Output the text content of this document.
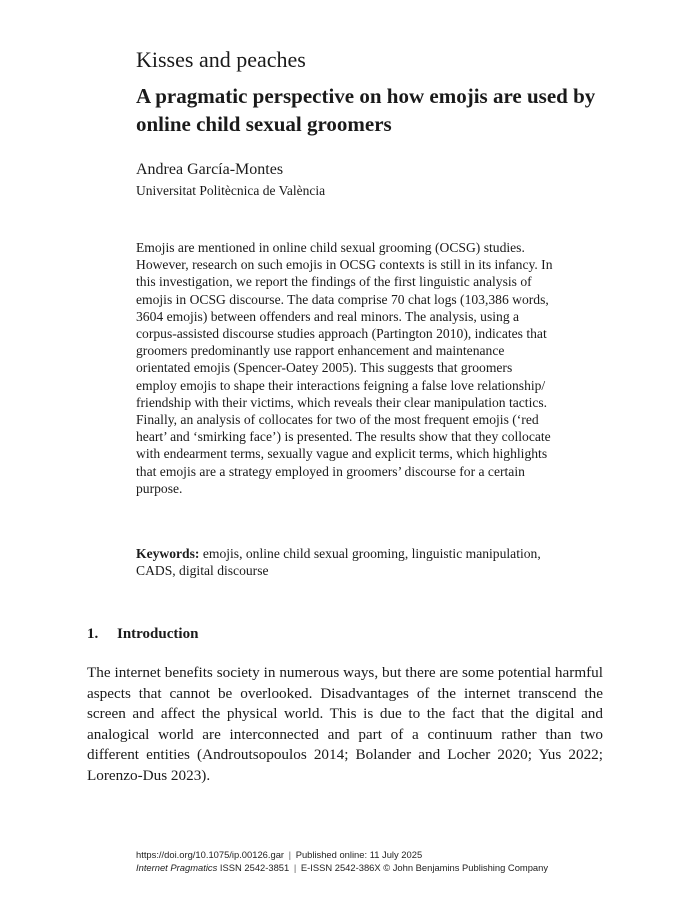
Kisses and peaches
A pragmatic perspective on how emojis are used by online child sexual groomers
Andrea García-Montes
Universitat Politècnica de València

Emojis are mentioned in online child sexual grooming (OCSG) studies. However, research on such emojis in OCSG contexts is still in its infancy. In this investigation, we report the findings of the first linguistic analysis of emojis in OCSG discourse. The data comprise 70 chat logs (103,386 words, 3604 emojis) between offenders and real minors. The analysis, using a corpus-assisted discourse studies approach (Partington 2010), indicates that groomers predominantly use rapport enhancement and maintenance orientated emojis (Spencer-Oatey 2005). This suggests that groomers employ emojis to shape their interactions feigning a false love relationship/ friendship with their victims, which reveals their clear manipulation tactics. Finally, an analysis of collocates for two of the most frequent emojis (‘red heart’ and ‘smirking face’) is presented. The results show that they collocate with endearment terms, sexually vague and explicit terms, which highlights that emojis are a strategy employed in groomers’ discourse for a certain purpose.

Keywords: emojis, online child sexual grooming, linguistic manipulation, CADS, digital discourse

1. Introduction

The internet benefits society in numerous ways, but there are some potential harmful aspects that cannot be overlooked. Disadvantages of the internet transcend the screen and affect the physical world. This is due to the fact that the digital and analogical world are interconnected and part of a continuum rather than two different entities (Androutsopoulos 2014; Bolander and Locher 2020; Yus 2022; Lorenzo-Dus 2023).

https://doi.org/10.1075/ip.00126.gar | Published online: 11 July 2025
Internet Pragmatics ISSN 2542-3851 | E-ISSN 2542-386X © John Benjamins Publishing Company
